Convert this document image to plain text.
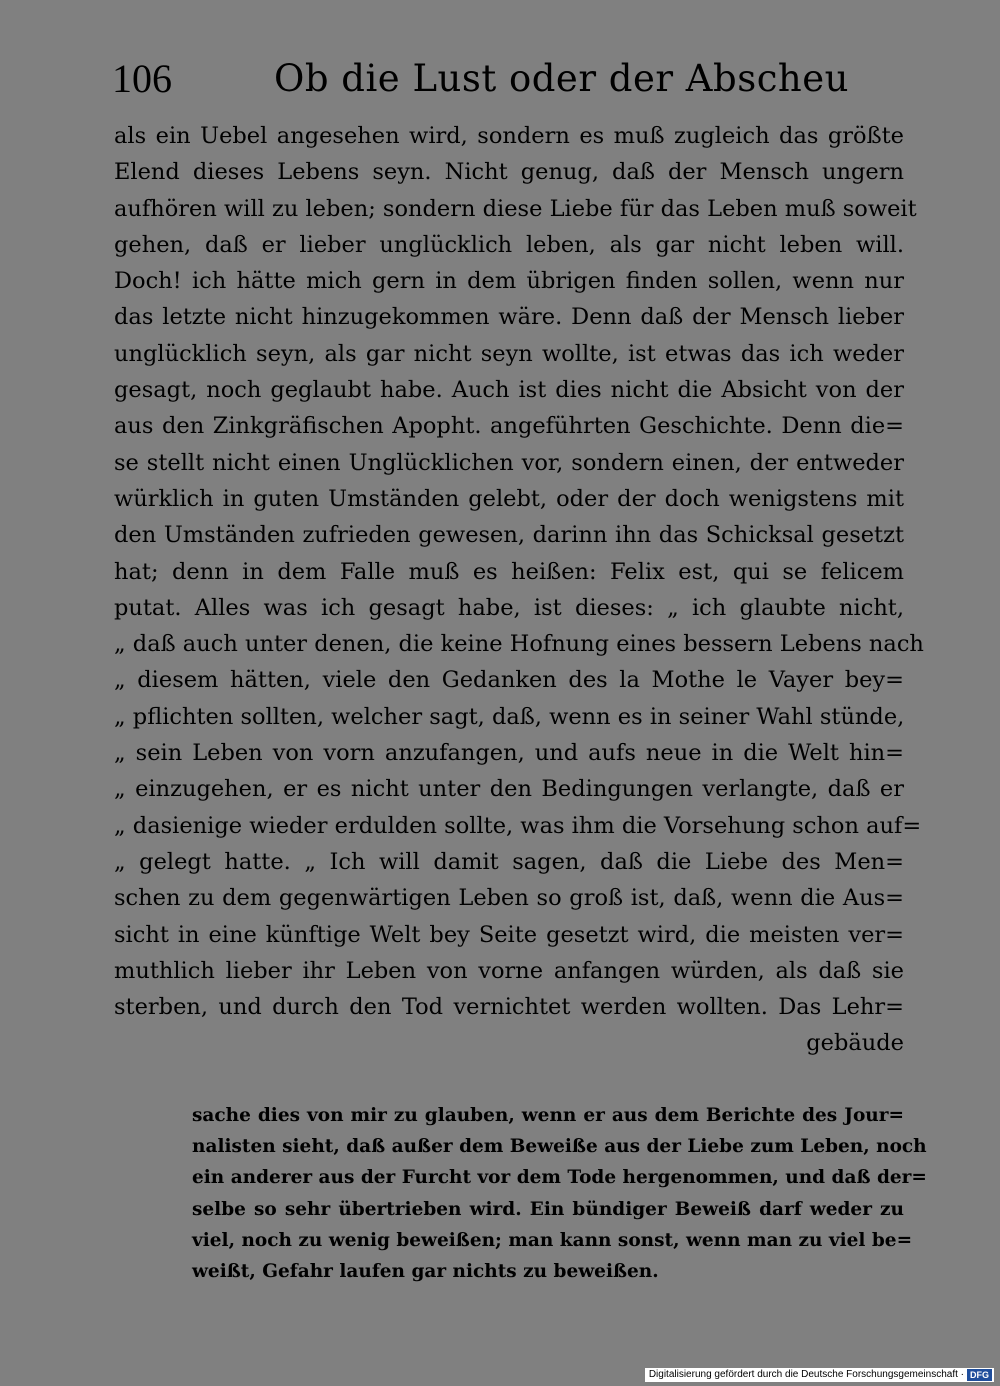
106	Ob die Lust oder der Abscheu
als ein Uebel angesehen wird, sondern es muß zugleich das größte
Elend dieses Lebens seyn. Nicht genug, daß der Mensch ungern
aufhören will zu leben; sondern diese Liebe für das Leben muß soweit
gehen, daß er lieber unglücklich leben, als gar nicht leben will.
Doch! ich hätte mich gern in dem übrigen finden sollen, wenn nur
das letzte nicht hinzugekommen wäre. Denn daß der Mensch lieber
unglücklich seyn, als gar nicht seyn wollte, ist etwas das ich weder
gesagt, noch geglaubt habe. Auch ist dies nicht die Absicht von der
aus den Zinkgräfischen Apopht. angeführten Geschichte. Denn die=
se stellt nicht einen Unglücklichen vor, sondern einen, der entweder
würklich in guten Umständen gelebt, oder der doch wenigstens mit
den Umständen zufrieden gewesen, darinn ihn das Schicksal gesetzt
hat; denn in dem Falle muß es heißen: Felix est, qui se felicem
putat. Alles was ich gesagt habe, ist dieses: „ ich glaubte nicht,
„ daß auch unter denen, die keine Hofnung eines bessern Lebens nach
„ diesem hätten, viele den Gedanken des la Mothe le Vayer bey=
„ pflichten sollten, welcher sagt, daß, wenn es in seiner Wahl stünde,
„ sein Leben von vorn anzufangen, und aufs neue in die Welt hin=
„ einzugehen, er es nicht unter den Bedingungen verlangte, daß er
„ dasienige wieder erdulden sollte, was ihm die Vorsehung schon auf=
„ gelegt hatte. „ Ich will damit sagen, daß die Liebe des Men=
schen zu dem gegenwärtigen Leben so groß ist, daß, wenn die Aus=
sicht in eine künftige Welt bey Seite gesetzt wird, die meisten ver=
muthlich lieber ihr Leben von vorne anfangen würden, als daß sie
sterben, und durch den Tod vernichtet werden wollten. Das Lehr=
gebäude
sache dies von mir zu glauben, wenn er aus dem Berichte des Jour=
nalisten sieht, daß außer dem Beweiße aus der Liebe zum Leben, noch
ein anderer aus der Furcht vor dem Tode hergenommen, und daß der=
selbe so sehr übertrieben wird. Ein bündiger Beweiß darf weder zu
viel, noch zu wenig beweißen; man kann sonst, wenn man zu viel be=
weißt, Gefahr laufen gar nichts zu beweißen.
Digitalisierung gefördert durch die Deutsche Forschungsgemeinschaft · DFG
